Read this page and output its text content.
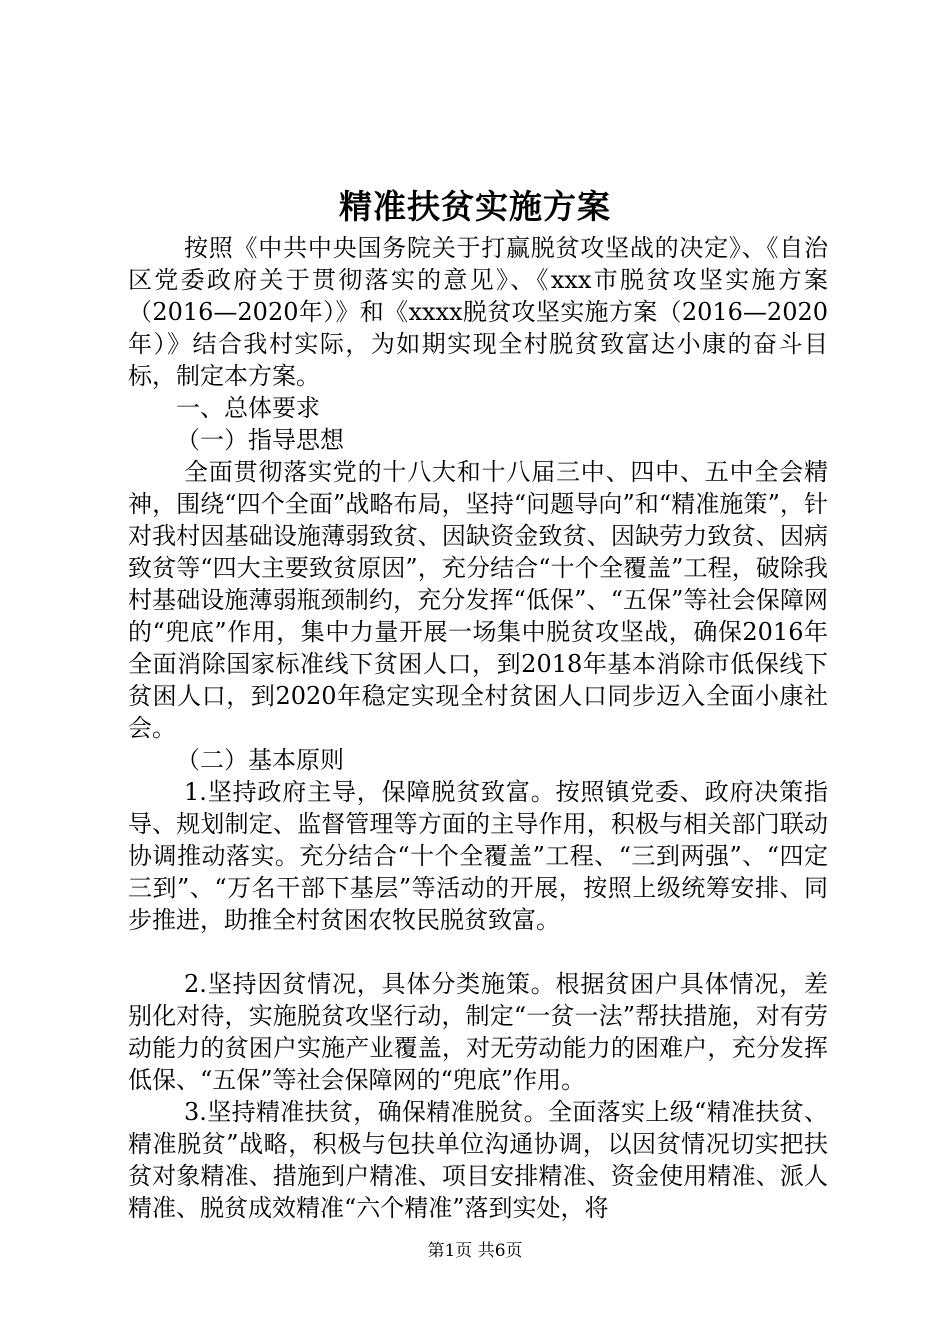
精准扶贫实施方案

按照《中共中央国务院关于打赢脱贫攻坚战的决定》、《自治区党委政府关于贯彻落实的意见》、《xxx市脱贫攻坚实施方案（2016—2020年）》和《xxxx脱贫攻坚实施方案（2016—2020年）》结合我村实际，为如期实现全村脱贫致富达小康的奋斗目标，制定本方案。

一、总体要求

（一）指导思想

全面贯彻落实党的十八大和十八届三中、四中、五中全会精神，围绕“四个全面”战略布局，坚持“问题导向”和“精准施策”，针对我村因基础设施薄弱致贫、因缺资金致贫、因缺劳力致贫、因病致贫等“四大主要致贫原因”，充分结合“十个全覆盖”工程，破除我村基础设施薄弱瓶颈制约，充分发挥“低保”、“五保”等社会保障网的“兜底”作用，集中力量开展一场集中脱贫攻坚战，确保2016年全面消除国家标准线下贫困人口，到2018年基本消除市低保线下贫困人口，到2020年稳定实现全村贫困人口同步迈入全面小康社会。

（二）基本原则

1.坚持政府主导，保障脱贫致富。按照镇党委、政府决策指导、规划制定、监督管理等方面的主导作用，积极与相关部门联动协调推动落实。充分结合“十个全覆盖”工程、“三到两强”、“四定三到”、“万名干部下基层”等活动的开展，按照上级统筹安排、同步推进，助推全村贫困农牧民脱贫致富。

2.坚持因贫情况，具体分类施策。根据贫困户具体情况，差别化对待，实施脱贫攻坚行动，制定“一贫一法”帮扶措施，对有劳动能力的贫困户实施产业覆盖，对无劳动能力的困难户，充分发挥低保、“五保”等社会保障网的“兜底”作用。

3.坚持精准扶贫，确保精准脱贫。全面落实上级“精准扶贫、精准脱贫”战略，积极与包扶单位沟通协调，以因贫情况切实把扶贫对象精准、措施到户精准、项目安排精准、资金使用精准、派人精准、脱贫成效精准“六个精准”落到实处，将

第1页 共6页
